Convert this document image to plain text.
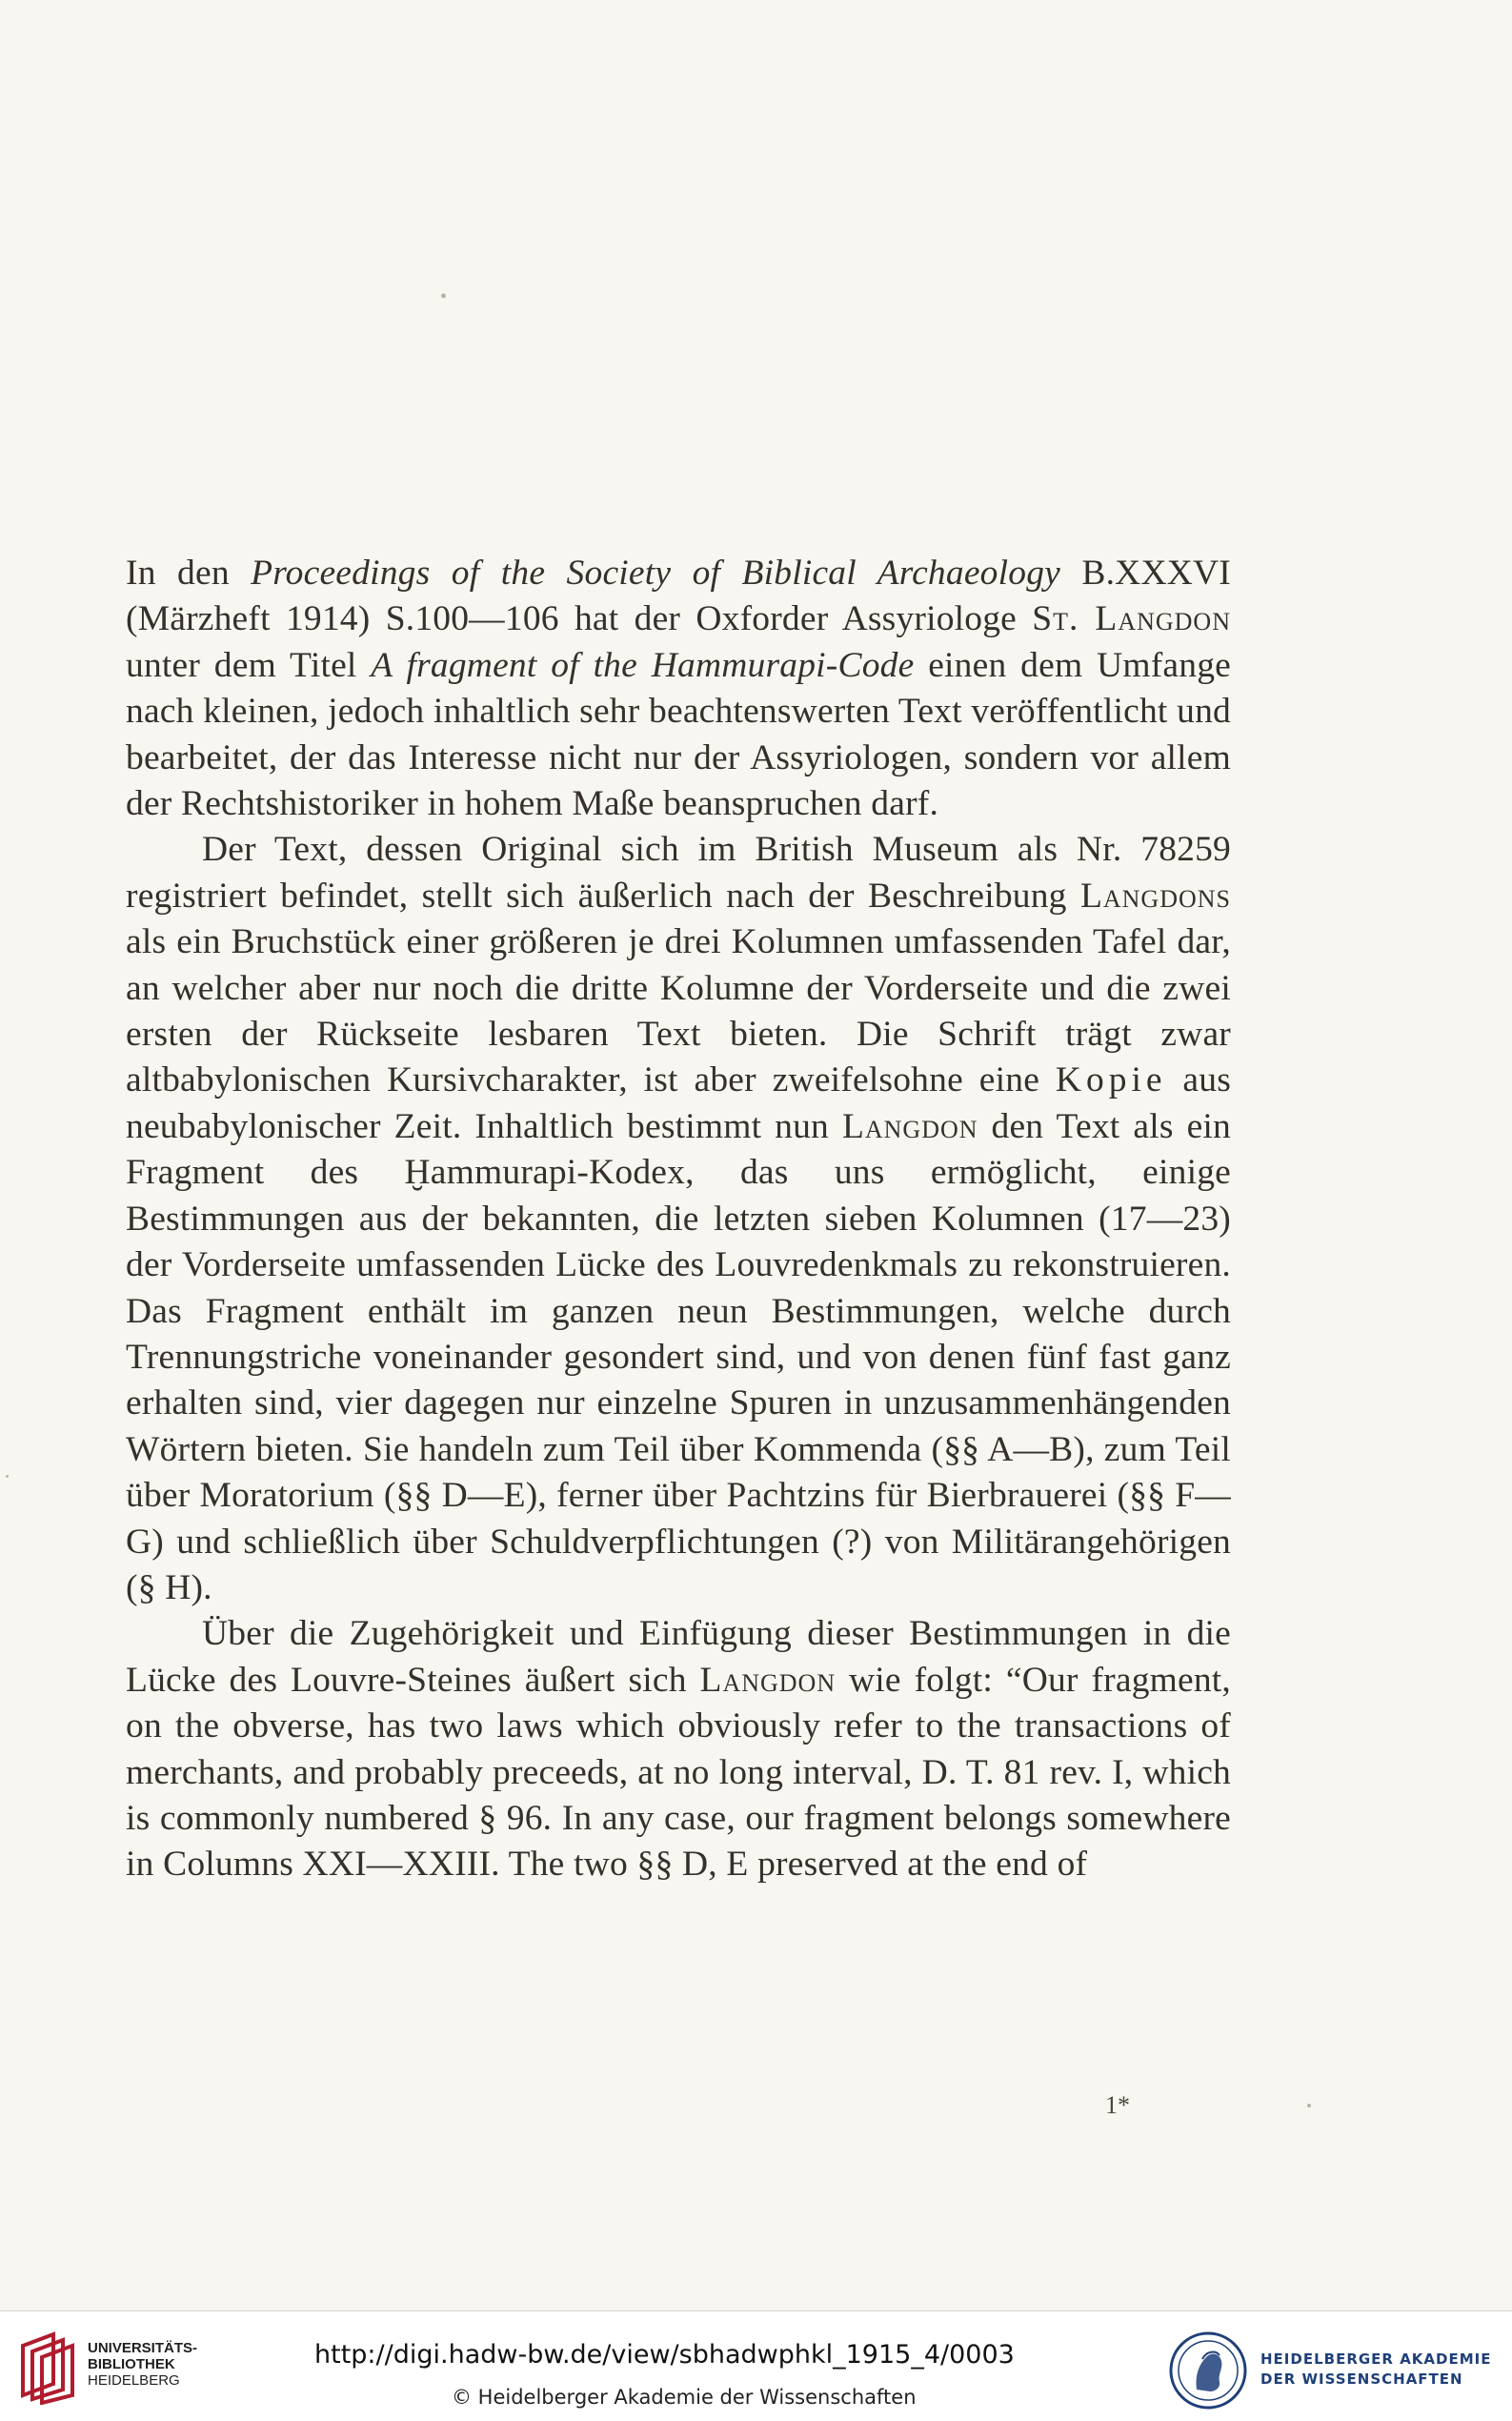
In den Proceedings of the Society of Biblical Archaeology B.XXXVI (Märzheft 1914) S.100—106 hat der Oxforder Assyriologe St. Langdon unter dem Titel A fragment of the Hammurapi-Code einen dem Umfange nach kleinen, jedoch inhaltlich sehr beachtenswerten Text veröffentlicht und bearbeitet, der das Interesse nicht nur der Assyriologen, sondern vor allem der Rechtshistoriker in hohem Maße beanspruchen darf.

Der Text, dessen Original sich im British Museum als Nr. 78259 registriert befindet, stellt sich äußerlich nach der Beschreibung Langdons als ein Bruchstück einer größeren je drei Kolumnen umfassenden Tafel dar, an welcher aber nur noch die dritte Kolumne der Vorderseite und die zwei ersten der Rückseite lesbaren Text bieten. Die Schrift trägt zwar altbabylonischen Kursivcharakter, ist aber zweifelsohne eine Kopie aus neubabylonischer Zeit. Inhaltlich bestimmt nun Langdon den Text als ein Fragment des Ḫammurapi-Kodex, das uns ermöglicht, einige Bestimmungen aus der bekannten, die letzten sieben Kolumnen (17—23) der Vorderseite umfassenden Lücke des Louvredenkmals zu rekonstruieren. Das Fragment enthält im ganzen neun Bestimmungen, welche durch Trennungstriche voneinander gesondert sind, und von denen fünf fast ganz erhalten sind, vier dagegen nur einzelne Spuren in unzusammenhängenden Wörtern bieten. Sie handeln zum Teil über Kommenda (§§ A—B), zum Teil über Moratorium (§§ D—E), ferner über Pachtzins für Bierbrauerei (§§ F—G) und schließlich über Schuldverpflichtungen (?) von Militärangehörigen (§ H).

Über die Zugehörigkeit und Einfügung dieser Bestimmungen in die Lücke des Louvre-Steines äußert sich Langdon wie folgt: “Our fragment, on the obverse, has two laws which obviously refer to the transactions of merchants, and probably preceeds, at no long interval, D. T. 81 rev. I, which is commonly numbered § 96. In any case, our fragment belongs somewhere in Columns XXI—XXIII. The two §§ D, E preserved at the end of

1*
UNIVERSITÄTS-
BIBLIOTHEK
HEIDELBERG
http://digi.hadw-bw.de/view/sbhadwphkl_1915_4/0003
© Heidelberger Akademie der Wissenschaften
HEIDELBERGER AKADEMIE
DER WISSENSCHAFTEN
